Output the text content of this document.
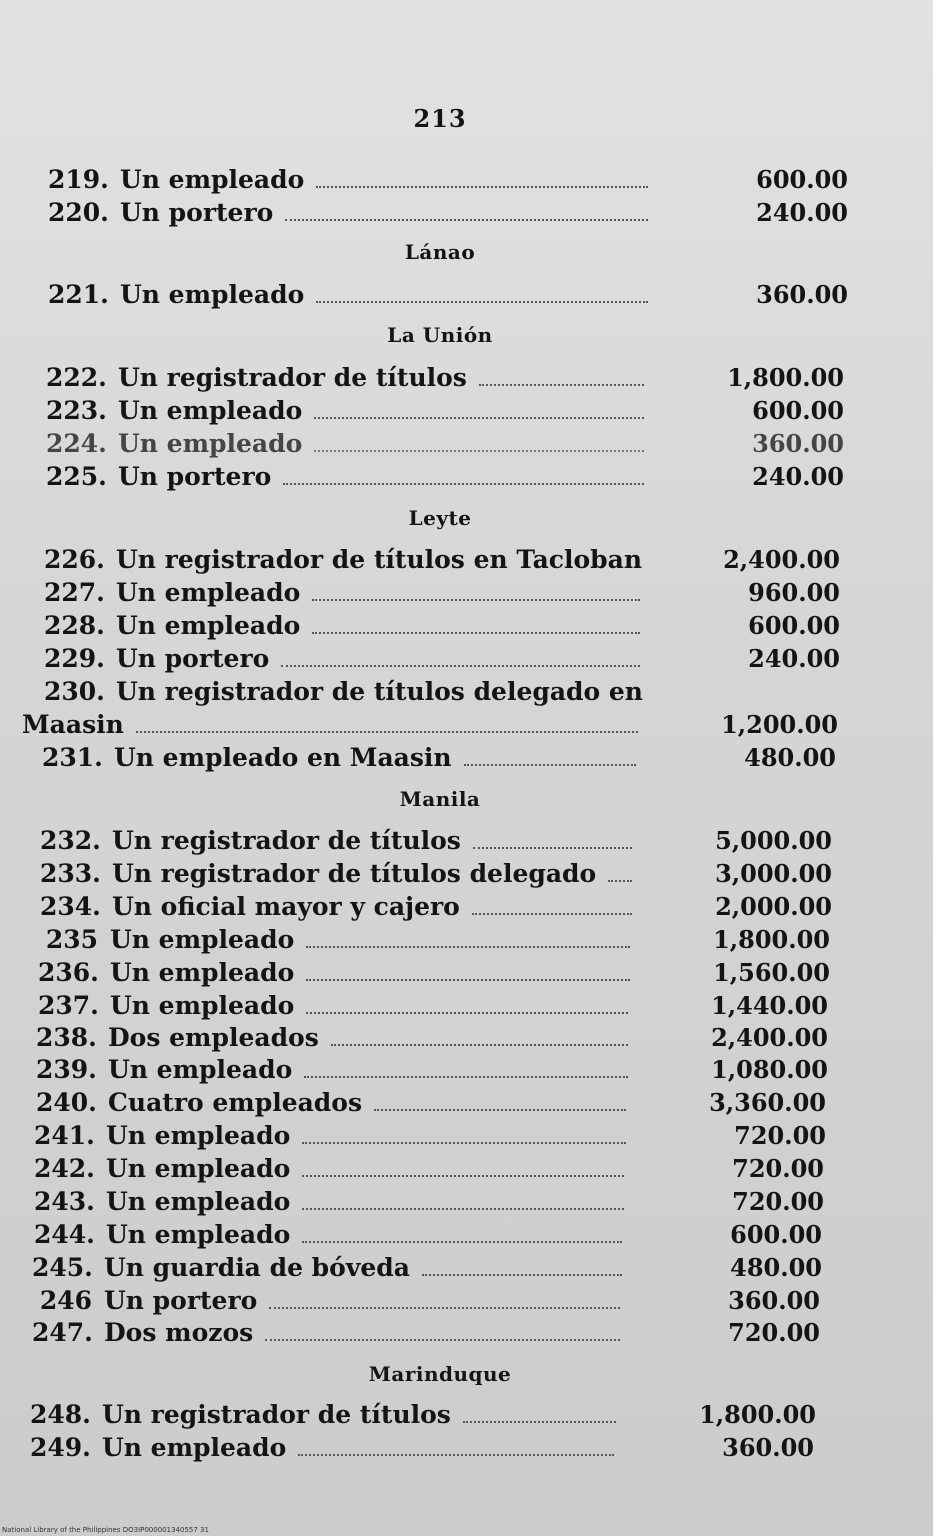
213
219. Un empleado	600.00
220. Un portero	240.00
Lánao
221. Un empleado	360.00
La Unión
222. Un registrador de títulos	1,800.00
223. Un empleado	600.00
224. Un empleado	360.00
225. Un portero	240.00
Leyte
226. Un registrador de títulos en Tacloban	2,400.00
227. Un empleado	960.00
228. Un empleado	600.00
229. Un portero	240.00
230. Un registrador de títulos delegado en
Maasin	1,200.00
231. Un empleado en Maasin	480.00
Manila
232. Un registrador de títulos	5,000.00
233. Un registrador de títulos delegado	3,000.00
234. Un oficial mayor y cajero	2,000.00
235 Un empleado	1,800.00
236. Un empleado	1,560.00
237. Un empleado	1,440.00
238. Dos empleados	2,400.00
239. Un empleado	1,080.00
240. Cuatro empleados	3,360.00
241. Un empleado	720.00
242. Un empleado	720.00
243. Un empleado	720.00
244. Un empleado	600.00
245. Un guardia de bóveda	480.00
246 Un portero	360.00
247. Dos mozos	720.00
Marinduque
248. Un registrador de títulos	1,800.00
249. Un empleado	360.00
National Library of the Philippines DO3IP000001340557 31
